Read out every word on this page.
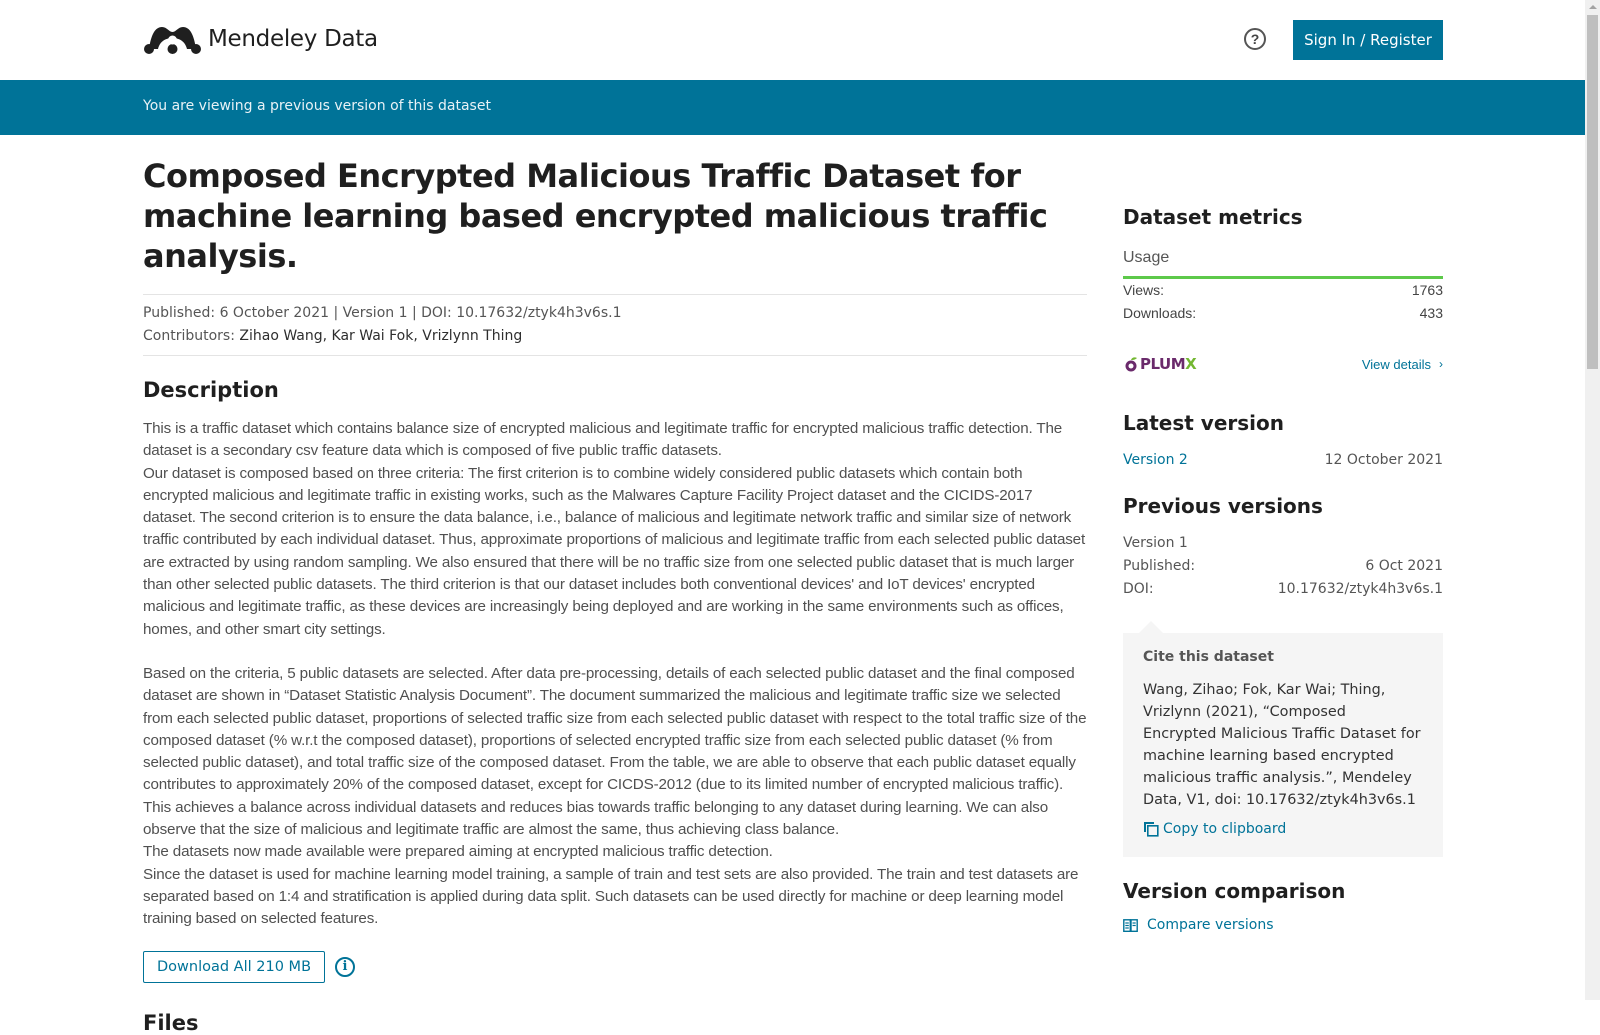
Mendeley Data	?	Sign In / Register
You are viewing a previous version of this dataset
Composed Encrypted Malicious Traffic Dataset for machine learning based encrypted malicious traffic analysis.
Published: 6 October 2021 | Version 1 | DOI: 10.17632/ztyk4h3v6s.1
Contributors: Zihao Wang, Kar Wai Fok, Vrizlynn Thing
Description

This is a traffic dataset which contains balance size of encrypted malicious and legitimate traffic for encrypted malicious traffic detection. The dataset is a secondary csv feature data which is composed of five public traffic datasets.

Our dataset is composed based on three criteria: The first criterion is to combine widely considered public datasets which contain both encrypted malicious and legitimate traffic in existing works, such as the Malwares Capture Facility Project dataset and the CICIDS-2017 dataset. The second criterion is to ensure the data balance, i.e., balance of malicious and legitimate network traffic and similar size of network traffic contributed by each individual dataset. Thus, approximate proportions of malicious and legitimate traffic from each selected public dataset are extracted by using random sampling. We also ensured that there will be no traffic size from one selected public dataset that is much larger than other selected public datasets. The third criterion is that our dataset includes both conventional devices' and IoT devices' encrypted malicious and legitimate traffic, as these devices are increasingly being deployed and are working in the same environments such as offices, homes, and other smart city settings.

Based on the criteria, 5 public datasets are selected. After data pre-processing, details of each selected public dataset and the final composed dataset are shown in “Dataset Statistic Analysis Document”. The document summarized the malicious and legitimate traffic size we selected from each selected public dataset, proportions of selected traffic size from each selected public dataset with respect to the total traffic size of the composed dataset (% w.r.t the composed dataset), proportions of selected encrypted traffic size from each selected public dataset (% from selected public dataset), and total traffic size of the composed dataset. From the table, we are able to observe that each public dataset equally contributes to approximately 20% of the composed dataset, except for CICDS-2012 (due to its limited number of encrypted malicious traffic). This achieves a balance across individual datasets and reduces bias towards traffic belonging to any dataset during learning. We can also observe that the size of malicious and legitimate traffic are almost the same, thus achieving class balance.

The datasets now made available were prepared aiming at encrypted malicious traffic detection.

Since the dataset is used for machine learning model training, a sample of train and test sets are also provided. The train and test datasets are separated based on 1:4 and stratification is applied during data split. Such datasets can be used directly for machine or deep learning model training based on selected features.

Download All 210 MB	i
Files
Dataset metrics
Usage
Views:	1763
Downloads:	433
PLUM X	View details ›
Latest version
Version 2	12 October 2021
Previous versions
Version 1
Published:	6 Oct 2021
DOI:	10.17632/ztyk4h3v6s.1
Cite this dataset
Wang, Zihao; Fok, Kar Wai; Thing, Vrizlynn (2021), “Composed Encrypted Malicious Traffic Dataset for machine learning based encrypted malicious traffic analysis.”, Mendeley Data, V1, doi: 10.17632/ztyk4h3v6s.1
Copy to clipboard
Version comparison
Compare versions
